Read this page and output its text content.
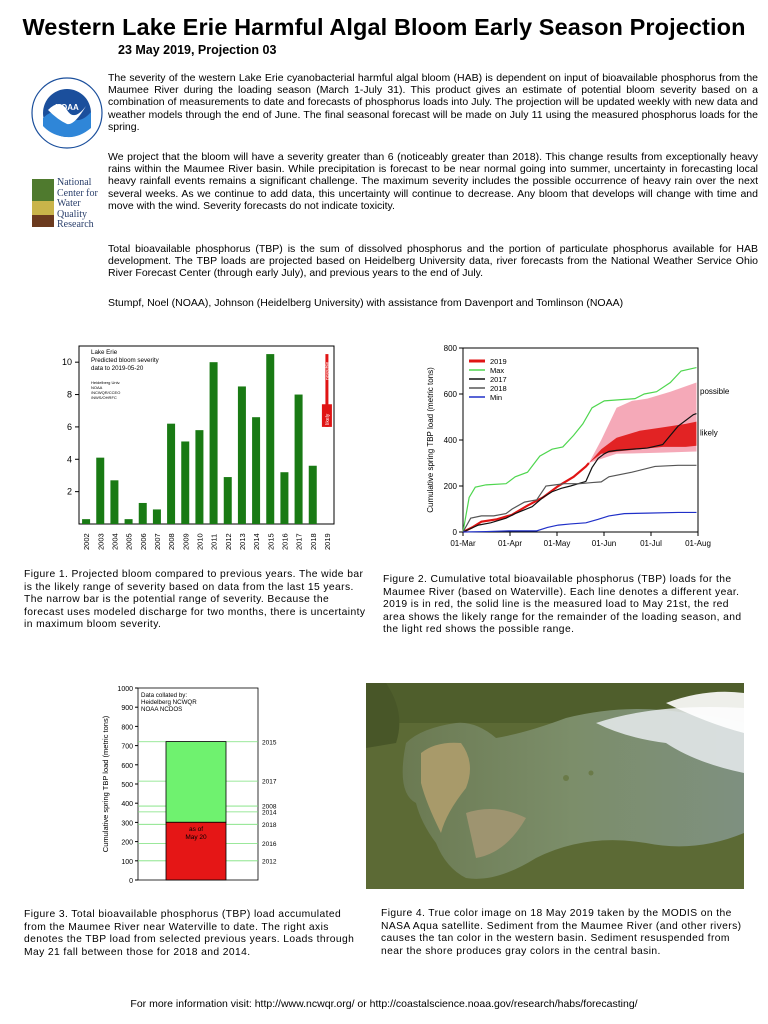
Western Lake Erie Harmful Algal Bloom Early Season Projection
23 May 2019, Projection 03
NOAA
National Center for Water Quality Research
The severity of the western Lake Erie cyanobacterial harmful algal bloom (HAB) is dependent on input of bioavailable phosphorus from the Maumee River during the loading season (March 1-July 31). This product gives an estimate of potential bloom severity based on a combination of measurements to date and forecasts of phosphorus loads into July. The projection will be updated weekly with new data and weather models through the end of June. The final seasonal forecast will be made on July 11 using the measured phosphorus loads for the spring.
We project that the bloom will have a severity greater than 6 (noticeably greater than 2018). This change results from exceptionally heavy rains within the Maumee River basin. While precipitation is forecast to be near normal going into summer, uncertainty in forecasting local heavy rainfall events remains a significant challenge. The maximum severity includes the possible occurrence of heavy rain over the next several weeks. As we continue to add data, this uncertainty will continue to decrease. Any bloom that develops will change with time and move with the wind. Severity forecasts do not indicate toxicity.
Total bioavailable phosphorus (TBP) is the sum of dissolved phosphorus and the portion of particulate phosphorus available for HAB development. The TBP loads are projected based on Heidelberg University data, river forecasts from the National Weather Service Ohio River Forecast Center (through early July), and previous years to the end of July.
Stumpf, Noel (NOAA), Johnson (Heidelberg University) with assistance from Davenport and Tomlinson (NOAA)
2
4
6
8
10
2002 2003 2004 2005 2006 2007 2008 2009 2010 2011 2012 2013 2014 2015 2016 2017 2018 2019
likely
possible
Lake Erie
Predicted bloom severity
data to 2019-05-20
Heidelberg Univ.
NOAA
/NCWQR/CCEO
/NWS/OHRFC
Figure 1. Projected bloom compared to previous years. The wide bar is the likely range of severity based on data from the last 15 years. The narrow bar is the potential range of severity. Because the forecast uses modeled discharge for two months, there is uncertainty in maximum bloom severity.
0
200
400
600
800
01-Mar	01-Apr	01-May	01-Jun	01-Jul	01-Aug
Cumulative spring TBP load (metric tons)
2019
Max
2017
2018
Min
possible
likely
Figure 2. Cumulative total bioavailable phosphorus (TBP) loads for the Maumee River (based on Waterville). Each line denotes a different year. 2019 is in red, the solid line is the measured load to May 21st, the red area shows the likely range for the remainder of the loading season, and the light red shows the possible range.
0
100
200
300
400
500
600
700
800
900
1000
Cumulative spring TBP load (metric tons)	2015
2017
2008
2014
2018
2016
2012
as of
May 20
Data collated by:
Heidelberg NCWQR
NOAA NCDOS
Figure 3. Total bioavailable phosphorus (TBP) load accumulated from the Maumee River near Waterville to date. The right axis denotes the TBP load from selected previous years. Loads through May 21 fall between those for 2018 and 2014.
Figure 4. True color image on 18 May 2019 taken by the MODIS on the NASA Aqua satellite. Sediment from the Maumee River (and other rivers) causes the tan color in the western basin. Sediment resuspended from near the shore produces gray colors in the central basin.
For more information visit: http://www.ncwqr.org/ or http://coastalscience.noaa.gov/research/habs/forecasting/
